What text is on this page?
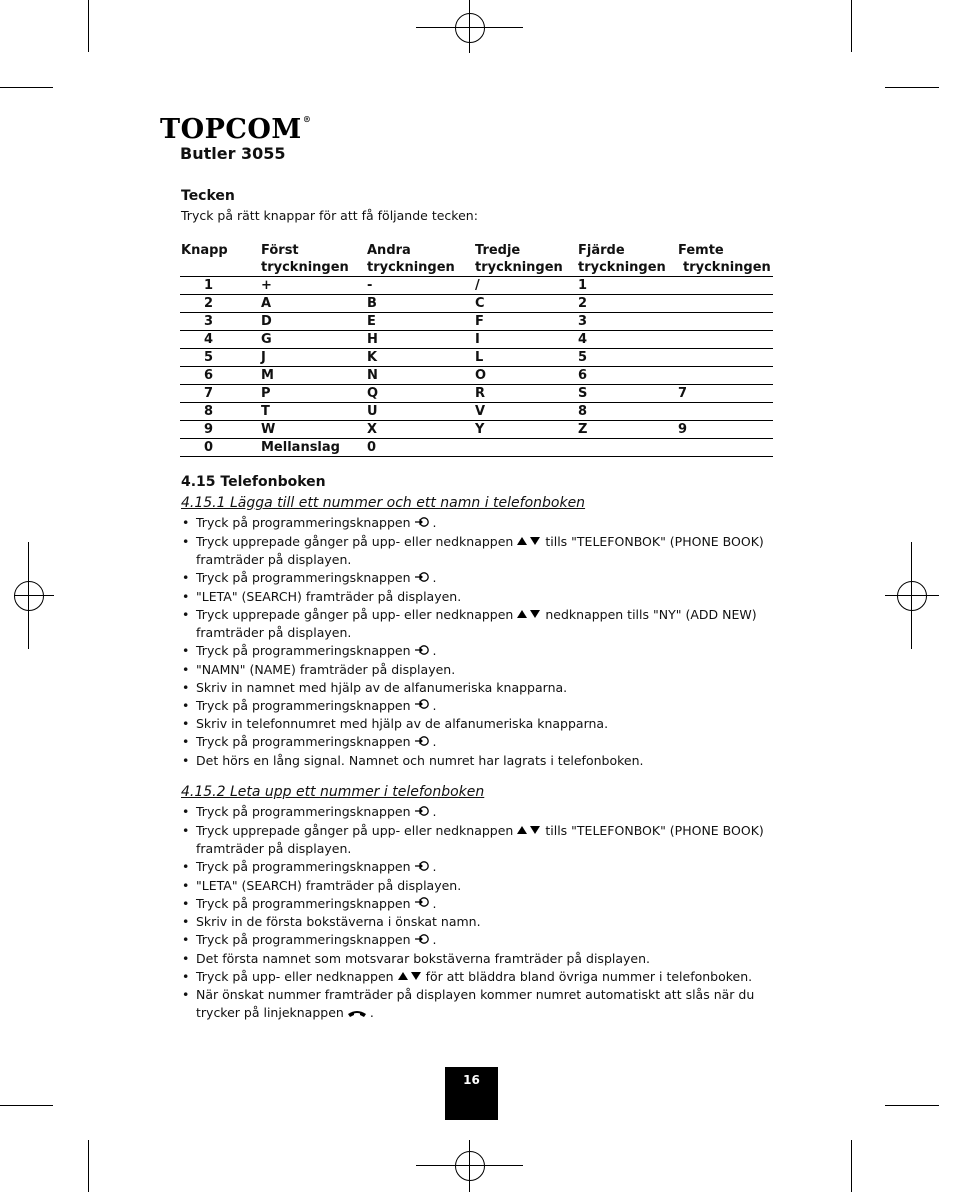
TOPCOM®
Butler 3055
Tecken
Tryck på rätt knappar för att få följande tecken:
Knapp	Först	Andra	Tredje	Fjärde	Femte
	tryckningen	tryckningen	tryckningen	tryckningen	tryckningen
1	+	-	/	1	
2	A	B	C	2	
3	D	E	F	3	
4	G	H	I	4	
5	J	K	L	5	
6	M	N	O	6	
7	P	Q	R	S	7
8	T	U	V	8	
9	W	X	Y	Z	9
0	Mellanslag	0			
4.15 Telefonboken
4.15.1 Lägga till ett nummer och ett namn i telefonboken
• Tryck på programmeringsknappen .
• Tryck upprepade gånger på upp- eller nedknappen	tills "TELEFONBOK" (PHONE BOOK) framträder på displayen.
• Tryck på programmeringsknappen .
• "LETA" (SEARCH) framträder på displayen.
• Tryck upprepade gånger på upp- eller nedknappen	nedknappen tills "NY" (ADD NEW) framträder på displayen.
• Tryck på programmeringsknappen .
• "NAMN" (NAME) framträder på displayen.
• Skriv in namnet med hjälp av de alfanumeriska knapparna.
• Tryck på programmeringsknappen .
• Skriv in telefonnumret med hjälp av de alfanumeriska knapparna.
• Tryck på programmeringsknappen .
• Det hörs en lång signal. Namnet och numret har lagrats i telefonboken.
4.15.2 Leta upp ett nummer i telefonboken
• Tryck på programmeringsknappen .
• Tryck upprepade gånger på upp- eller nedknappen	tills "TELEFONBOK" (PHONE BOOK) framträder på displayen.
• Tryck på programmeringsknappen .
• "LETA" (SEARCH) framträder på displayen.
• Tryck på programmeringsknappen .
• Skriv in de första bokstäverna i önskat namn.
• Tryck på programmeringsknappen .
• Det första namnet som motsvarar bokstäverna framträder på displayen.
• Tryck på upp- eller nedknappen	för att bläddra bland övriga nummer i telefonboken.
• När önskat nummer framträder på displayen kommer numret automatiskt att slås när du trycker på linjeknappen .
16
